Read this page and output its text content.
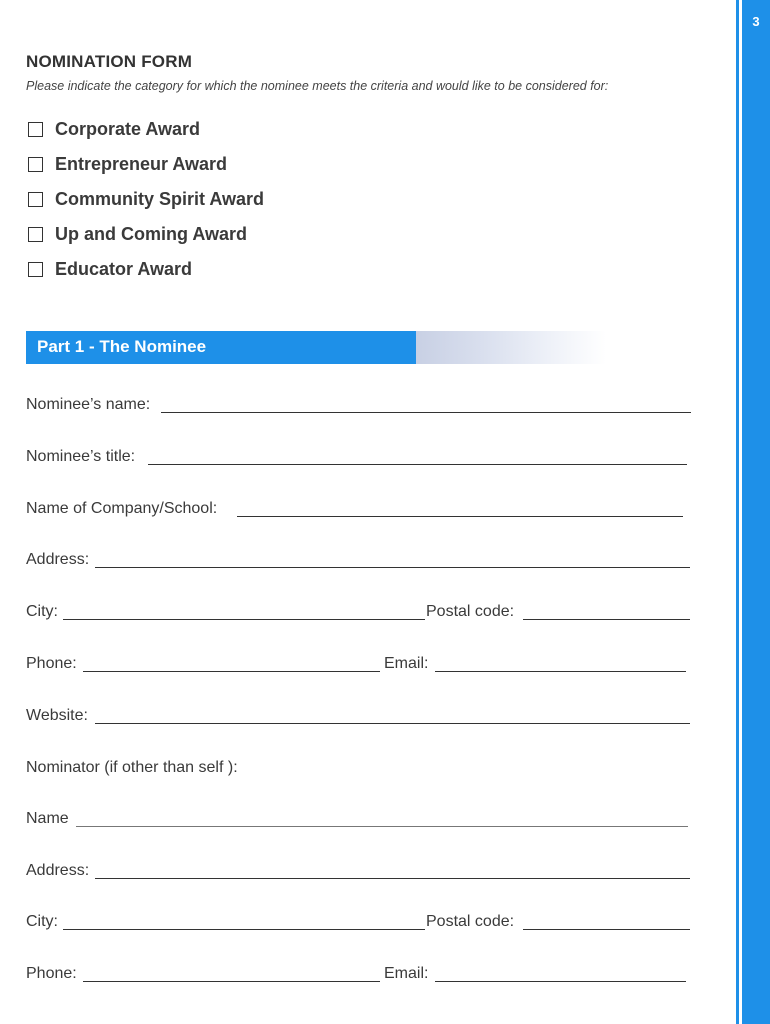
3
NOMINATION FORM
Please indicate the category for which the nominee meets the criteria and would like to be considered for:
Corporate Award
Entrepreneur Award
Community Spirit Award
Up and Coming Award
Educator Award
Part 1 - The Nominee
Nominee’s name:
Nominee’s title:
Name of Company/School:
Address:
City:	Postal code:
Phone:	Email:
Website:
Nominator (if other than self ):
Name
Address:
City:	Postal code:
Phone:	Email:
